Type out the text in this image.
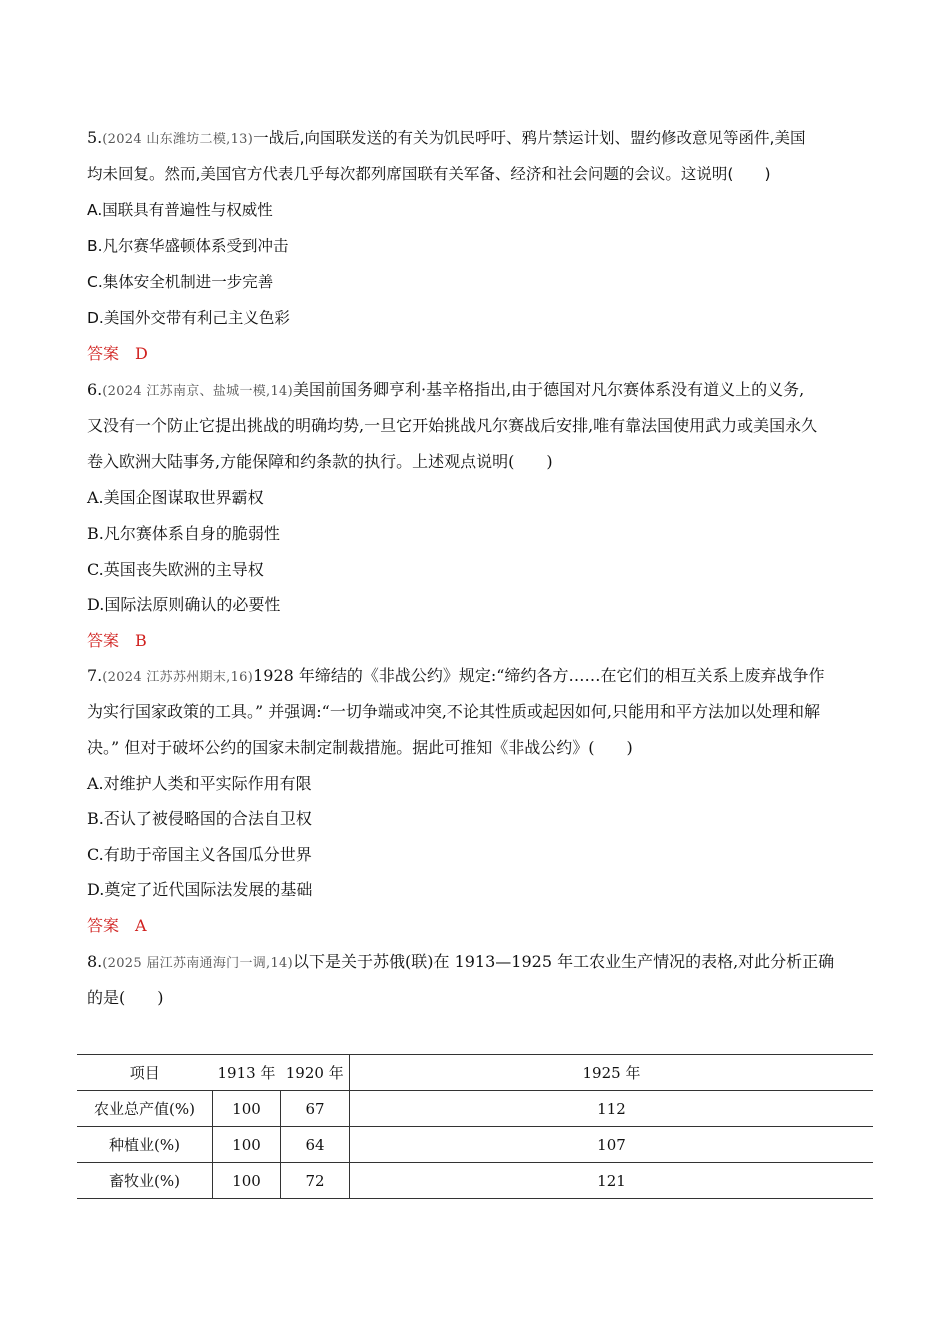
5.(2024 山东潍坊二模,13)一战后,向国联发送的有关为饥民呼吁、鸦片禁运计划、盟约修改意见等函件,美国
均未回复。然而,美国官方代表几乎每次都列席国联有关军备、经济和社会问题的会议。这说明(　　)
A.国联具有普遍性与权威性
B.凡尔赛华盛顿体系受到冲击
C.集体安全机制进一步完善
D.美国外交带有利己主义色彩
答案 D
6.(2024 江苏南京、盐城一模,14)美国前国务卿亨利·基辛格指出,由于德国对凡尔赛体系没有道义上的义务,
又没有一个防止它提出挑战的明确均势,一旦它开始挑战凡尔赛战后安排,唯有靠法国使用武力或美国永久
卷入欧洲大陆事务,方能保障和约条款的执行。上述观点说明(　　)
A.美国企图谋取世界霸权
B.凡尔赛体系自身的脆弱性
C.英国丧失欧洲的主导权
D.国际法原则确认的必要性
答案 B
7.(2024 江苏苏州期末,16)1928 年缔结的《非战公约》规定:“缔约各方……在它们的相互关系上废弃战争作
为实行国家政策的工具。” 并强调:“一切争端或冲突,不论其性质或起因如何,只能用和平方法加以处理和解
决。” 但对于破坏公约的国家未制定制裁措施。据此可推知《非战公约》(　　)
A.对维护人类和平实际作用有限
B.否认了被侵略国的合法自卫权
C.有助于帝国主义各国瓜分世界
D.奠定了近代国际法发展的基础
答案 A
8.(2025 届江苏南通海门一调,14)以下是关于苏俄(联)在 1913—1925 年工农业生产情况的表格,对此分析正确
的是(　　)
项目	1913 年	1920 年	1925 年
农业总产值(%)	100	67	112
种植业(%)	100	64	107
畜牧业(%)	100	72	121
